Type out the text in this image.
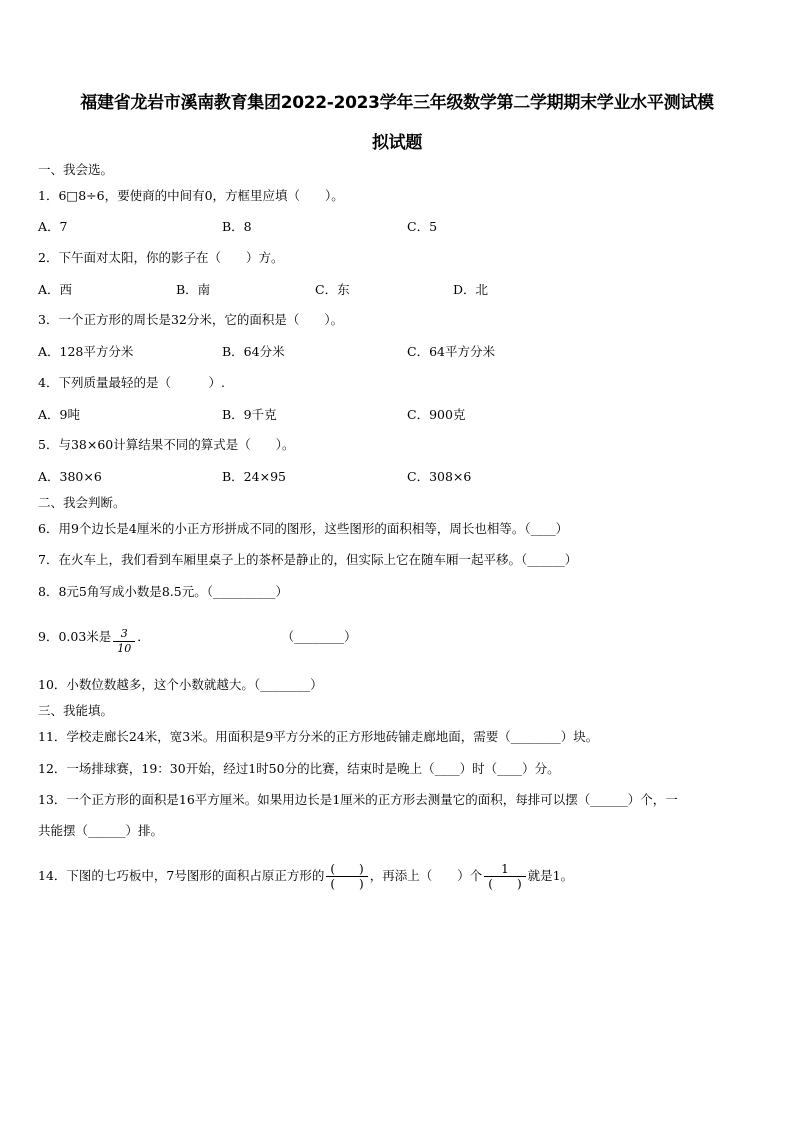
福建省龙岩市溪南教育集团2022-2023学年三年级数学第二学期期末学业水平测试模
拟试题
一、我会选。
1．6□8÷6，要使商的中间有0，方框里应填（　　）。
A．7	B．8	C．5
2．下午面对太阳，你的影子在（　　）方。
A．西	B．南	C．东	D．北
3．一个正方形的周长是32分米，它的面积是（　　）。
A．128平方分米	B．64分米	C．64平方分米
4．下列质量最轻的是（　　　）.
A．9吨	B．9千克	C．900克
5．与38×60计算结果不同的算式是（　　）。
A．380×6	B．24×95	C．308×6
二、我会判断。
6．用9个边长是4厘米的小正方形拼成不同的图形，这些图形的面积相等，周长也相等。（____）
7．在火车上，我们看到车厢里桌子上的茶杯是静止的，但实际上它在随车厢一起平移。（______）
8．8元5角写成小数是8.5元。（__________）
9．0.03米是 $\frac{3}{10}$ ．	（________）
10．小数位数越多，这个小数就越大。（________）
三、我能填。
11．学校走廊长24米，宽3米。用面积是9平方分米的正方形地砖铺走廊地面，需要（________）块。
12．一场排球赛，19：30开始，经过1时50分的比赛，结束时是晚上（____）时（____）分。
13．一个正方形的面积是16平方厘米。如果用边长是1厘米的正方形去测量它的面积，每排可以摆（______）个，一
共能摆（______）排。
14．下图的七巧板中，7号图形的面积占原正方形的 $\frac{( )}{( )}$ ，再添上（　　）个 $\frac{1}{( )}$ 就是1。
